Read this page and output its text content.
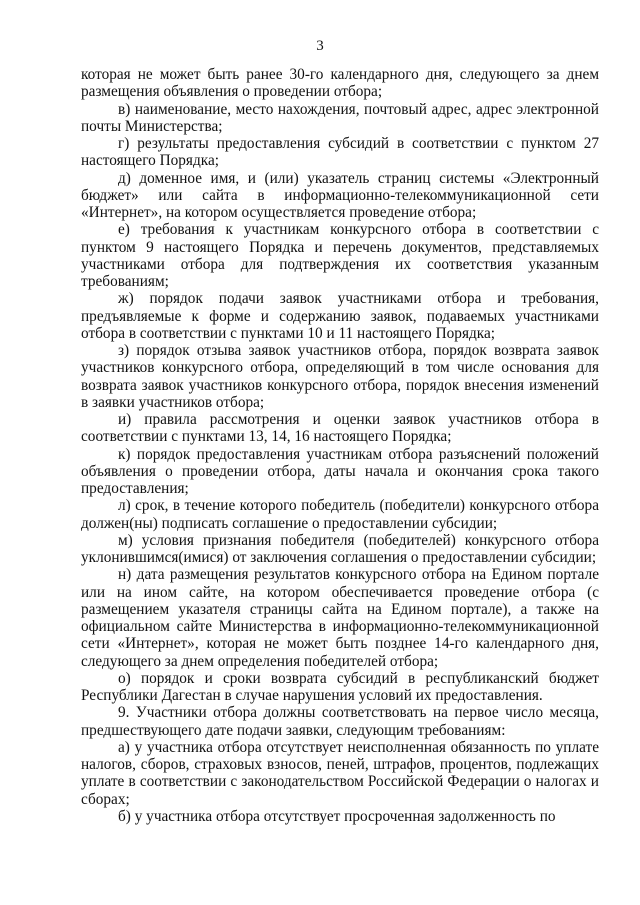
3

которая не может быть ранее 30-го календарного дня, следующего за днем размещения объявления о проведении отбора;

в) наименование, место нахождения, почтовый адрес, адрес электронной почты Министерства;

г) результаты предоставления субсидий в соответствии с пунктом 27 настоящего Порядка;

д) доменное имя, и (или) указатель страниц системы «Электронный бюджет» или сайта в информационно-телекоммуникационной сети «Интернет», на котором осуществляется проведение отбора;

е) требования к участникам конкурсного отбора в соответствии с пунктом 9 настоящего Порядка и перечень документов, представляемых участниками отбора для подтверждения их соответствия указанным требованиям;

ж) порядок подачи заявок участниками отбора и требования, предъявляемые к форме и содержанию заявок, подаваемых участниками отбора в соответствии с пунктами 10 и 11 настоящего Порядка;

з) порядок отзыва заявок участников отбора, порядок возврата заявок участников конкурсного отбора, определяющий в том числе основания для возврата заявок участников конкурсного отбора, порядок внесения изменений в заявки участников отбора;

и) правила рассмотрения и оценки заявок участников отбора в соответствии с пунктами 13, 14, 16 настоящего Порядка;

к) порядок предоставления участникам отбора разъяснений положений объявления о проведении отбора, даты начала и окончания срока такого предоставления;

л) срок, в течение которого победитель (победители) конкурсного отбора должен(ны) подписать соглашение о предоставлении субсидии;

м) условия признания победителя (победителей) конкурсного отбора уклонившимся(имися) от заключения соглашения о предоставлении субсидии;

н) дата размещения результатов конкурсного отбора на Едином портале или на ином сайте, на котором обеспечивается проведение отбора (с размещением указателя страницы сайта на Едином портале), а также на официальном сайте Министерства в информационно-телекоммуникационной сети «Интернет», которая не может быть позднее 14-го календарного дня, следующего за днем определения победителей отбора;

о) порядок и сроки возврата субсидий в республиканский бюджет Республики Дагестан в случае нарушения условий их предоставления.

9. Участники отбора должны соответствовать на первое число месяца, предшествующего дате подачи заявки, следующим требованиям:

а) у участника отбора отсутствует неисполненная обязанность по уплате налогов, сборов, страховых взносов, пеней, штрафов, процентов, подлежащих уплате в соответствии с законодательством Российской Федерации о налогах и сборах;

б) у участника отбора отсутствует просроченная задолженность по
